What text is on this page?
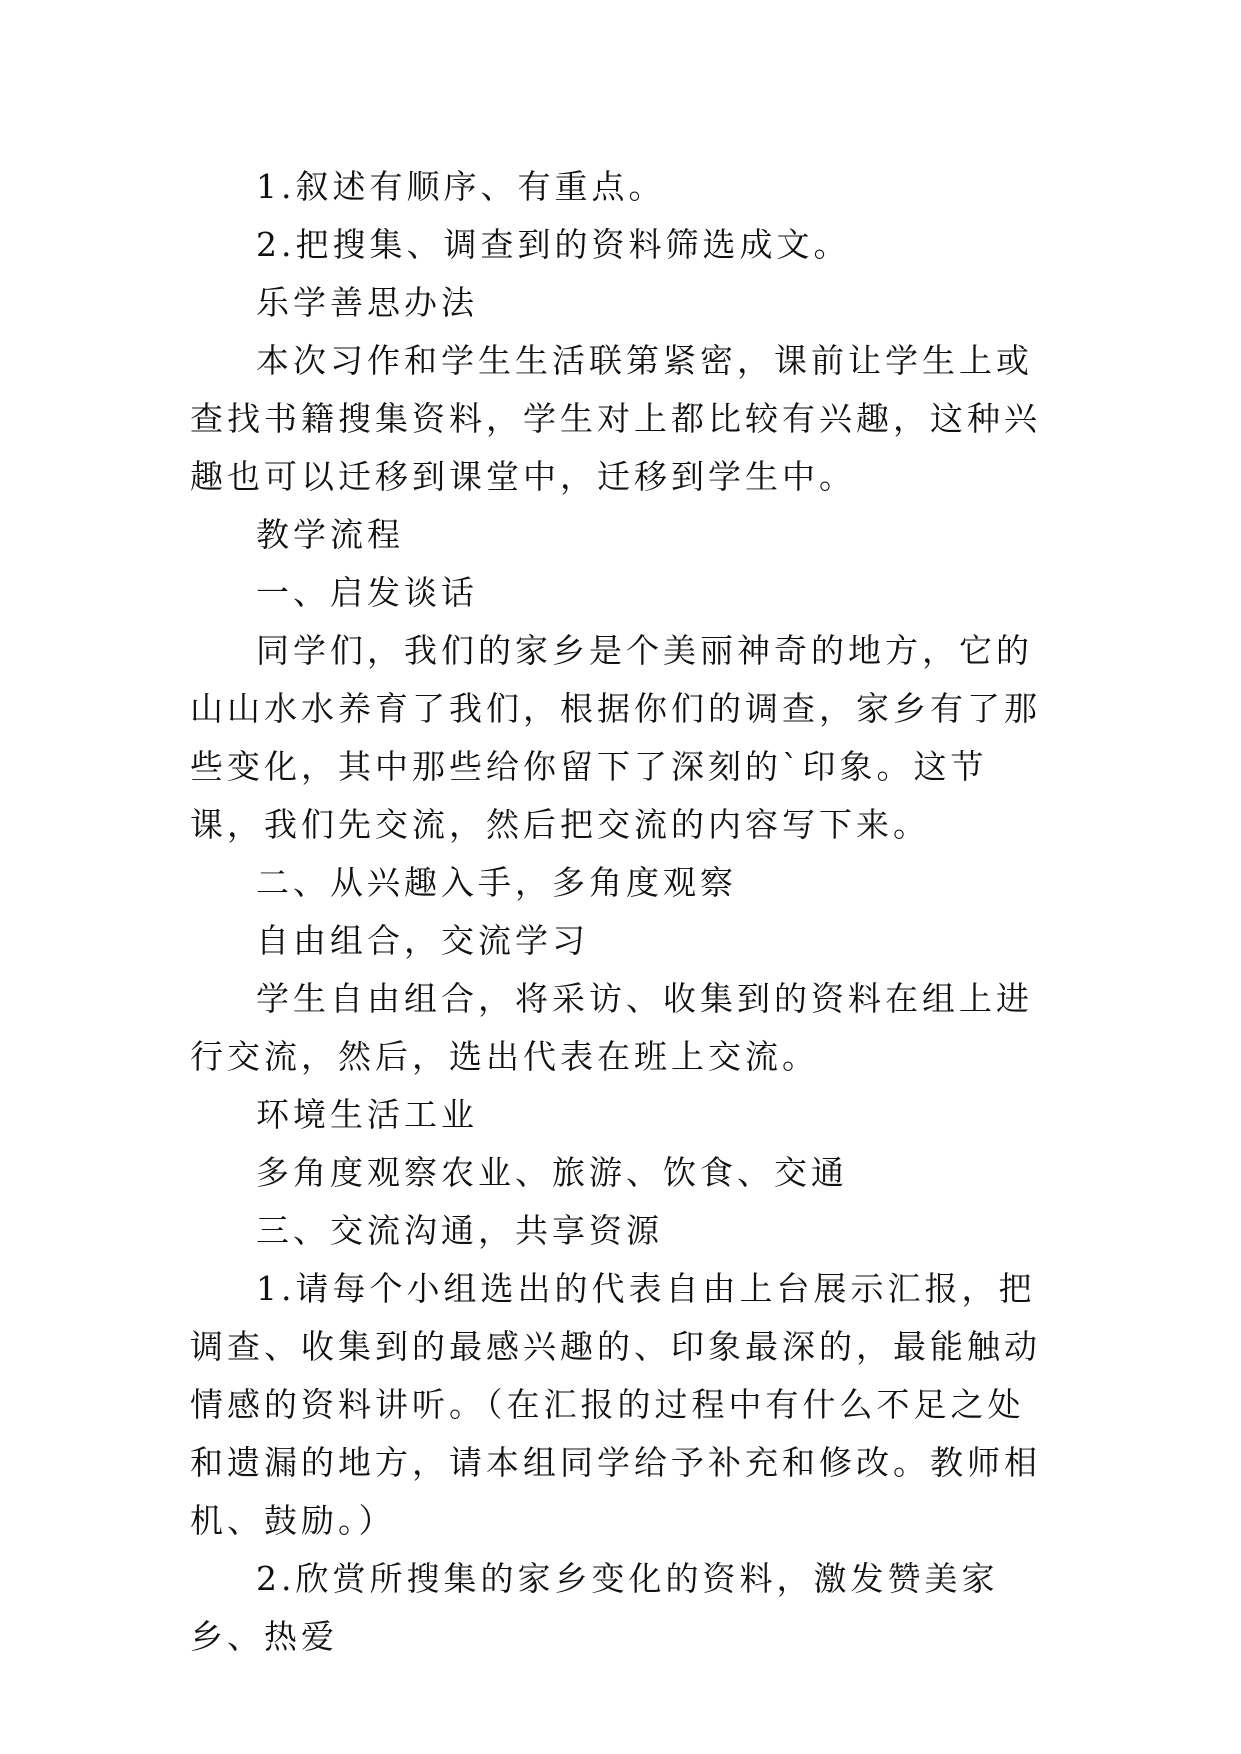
1.叙述有顺序、有重点。

2.把搜集、调查到的资料筛选成文。

乐学善思办法

本次习作和学生生活联第紧密，课前让学生上或查找书籍搜集资料，学生对上都比较有兴趣，这种兴趣也可以迁移到课堂中，迁移到学生中。

教学流程

一、启发谈话

同学们，我们的家乡是个美丽神奇的地方，它的山山水水养育了我们，根据你们的调查，家乡有了那些变化，其中那些给你留下了深刻的`印象。这节课，我们先交流，然后把交流的内容写下来。

二、从兴趣入手，多角度观察

自由组合，交流学习

学生自由组合，将采访、收集到的资料在组上进行交流，然后，选出代表在班上交流。

环境生活工业

多角度观察农业、旅游、饮食、交通

三、交流沟通，共享资源

1.请每个小组选出的代表自由上台展示汇报，把调查、收集到的最感兴趣的、印象最深的，最能触动情感的资料讲听。（在汇报的过程中有什么不足之处和遗漏的地方，请本组同学给予补充和修改。教师相机、鼓励。）

2.欣赏所搜集的家乡变化的资料，激发赞美家乡、热爱
